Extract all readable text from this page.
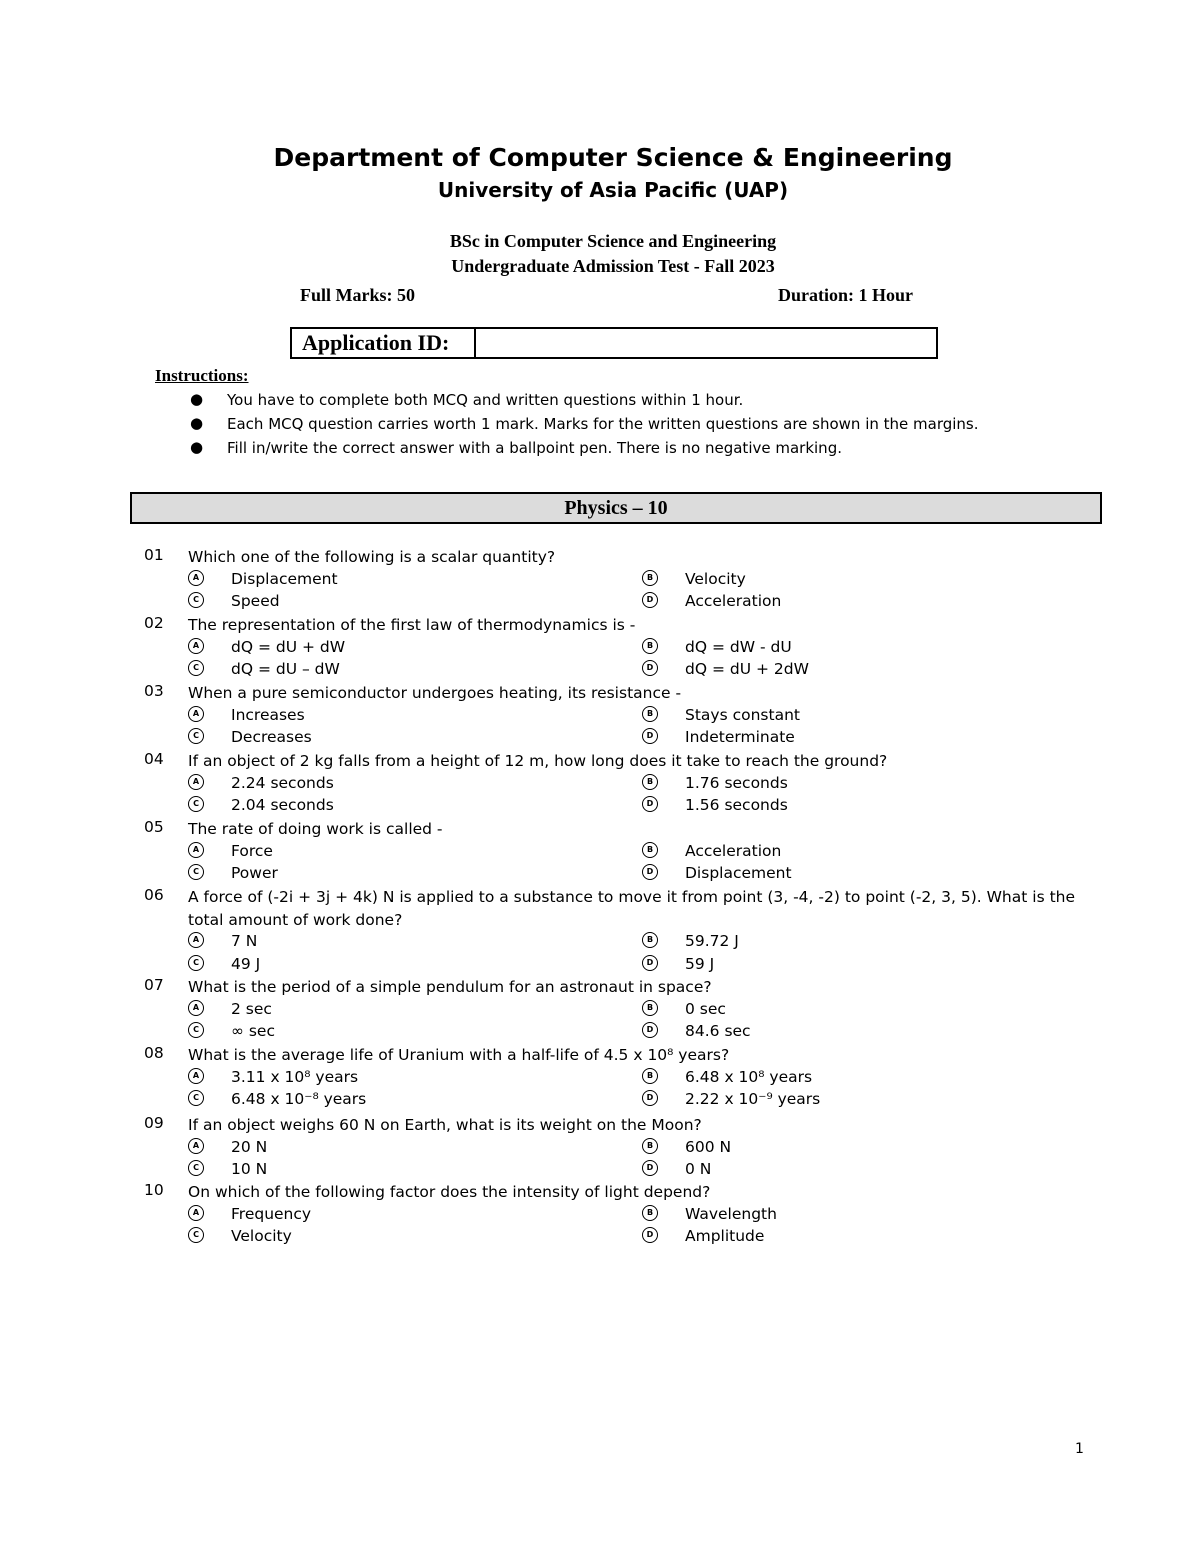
Department of Computer Science & Engineering
University of Asia Pacific (UAP)
BSc in Computer Science and Engineering
Undergraduate Admission Test - Fall 2023
Full Marks: 50	Duration: 1 Hour
Application ID:
Instructions:
● You have to complete both MCQ and written questions within 1 hour.
● Each MCQ question carries worth 1 mark. Marks for the written questions are shown in the margins.
● Fill in/write the correct answer with a ballpoint pen. There is no negative marking.
Physics – 10
01 Which one of the following is a scalar quantity?
A	Displacement	B	Velocity
C	Speed	D	Acceleration
02 The representation of the first law of thermodynamics is -
A	dQ = dU + dW	B	dQ = dW - dU
C	dQ = dU – dW	D	dQ = dU + 2dW
03 When a pure semiconductor undergoes heating, its resistance -
A	Increases	B	Stays constant
C	Decreases	D	Indeterminate
04 If an object of 2 kg falls from a height of 12 m, how long does it take to reach the ground?
A	2.24 seconds	B	1.76 seconds
C	2.04 seconds	D	1.56 seconds
05 The rate of doing work is called -
A	Force	B	Acceleration
C	Power	D	Displacement
06 A force of (-2i + 3j + 4k) N is applied to a substance to move it from point (3, -4, -2) to point (-2, 3, 5). What is the total amount of work done?
A	7 N	B	59.72 J
C	49 J	D	59 J
07 What is the period of a simple pendulum for an astronaut in space?
A	2 sec	B	0 sec
C	∞ sec	D	84.6 sec
08 What is the average life of Uranium with a half-life of 4.5 x 10⁸ years?
A	3.11 x 10⁸ years	B	6.48 x 10⁸ years
C	6.48 x 10⁻⁸ years	D	2.22 x 10⁻⁹ years
09 If an object weighs 60 N on Earth, what is its weight on the Moon?
A	20 N	B	600 N
C	10 N	D	0 N
10 On which of the following factor does the intensity of light depend?
A	Frequency	B	Wavelength
C	Velocity	D	Amplitude
1
